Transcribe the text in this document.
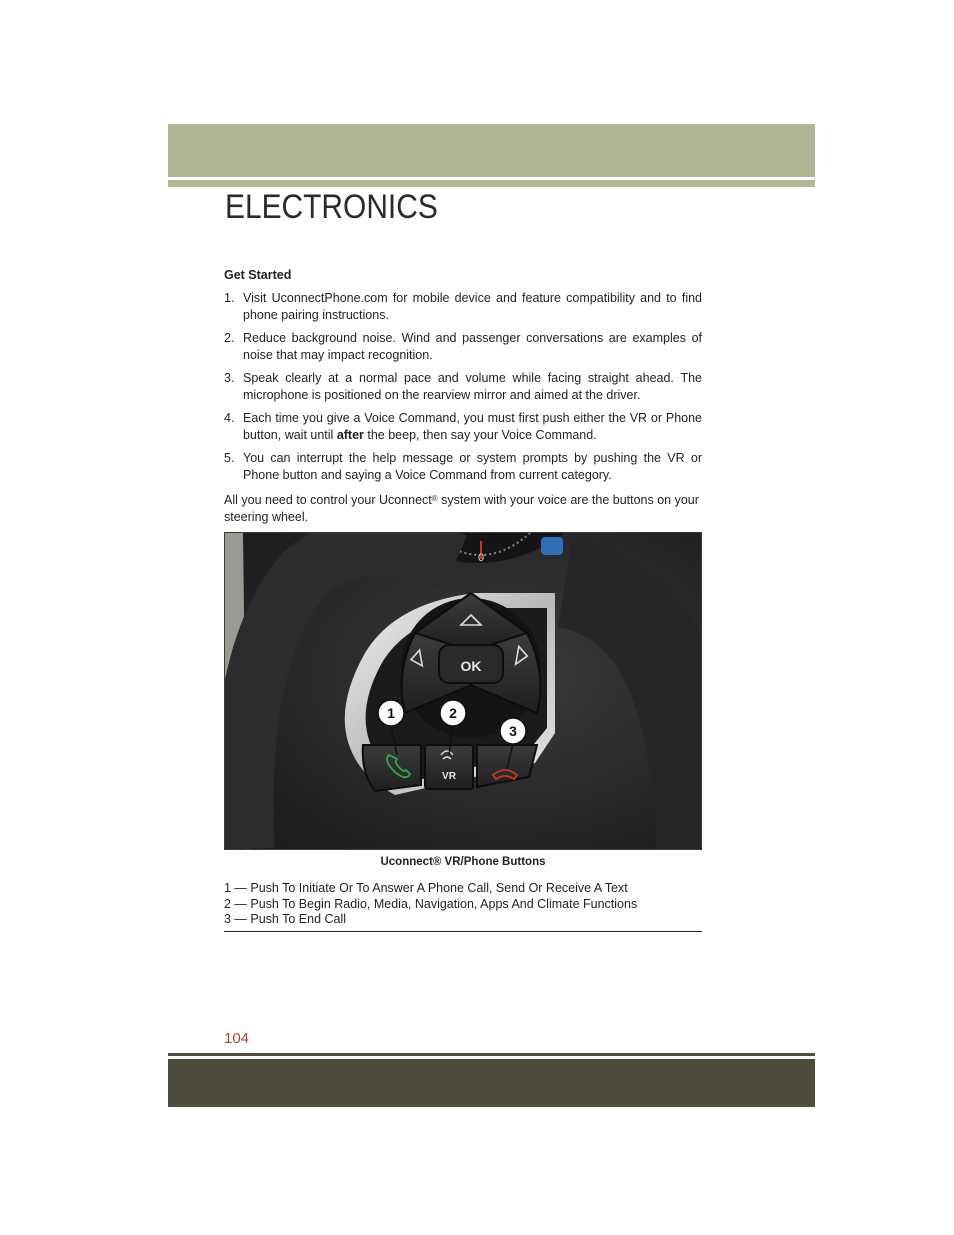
ELECTRONICS
Get Started
1. Visit UconnectPhone.com for mobile device and feature compatibility and to find phone pairing instructions.
2. Reduce background noise. Wind and passenger conversations are examples of noise that may impact recognition.
3. Speak clearly at a normal pace and volume while facing straight ahead. The microphone is positioned on the rearview mirror and aimed at the driver.
4. Each time you give a Voice Command, you must first push either the VR or Phone button, wait until after the beep, then say your Voice Command.
5. You can interrupt the help message or system prompts by pushing the VR or Phone button and saying a Voice Command from current category.

All you need to control your Uconnect® system with your voice are the buttons on your steering wheel.

0
OK
VR
1	2
3
Uconnect® VR/Phone Buttons
1 — Push To Initiate Or To Answer A Phone Call, Send Or Receive A Text
2 — Push To Begin Radio, Media, Navigation, Apps And Climate Functions
3 — Push To End Call
104
